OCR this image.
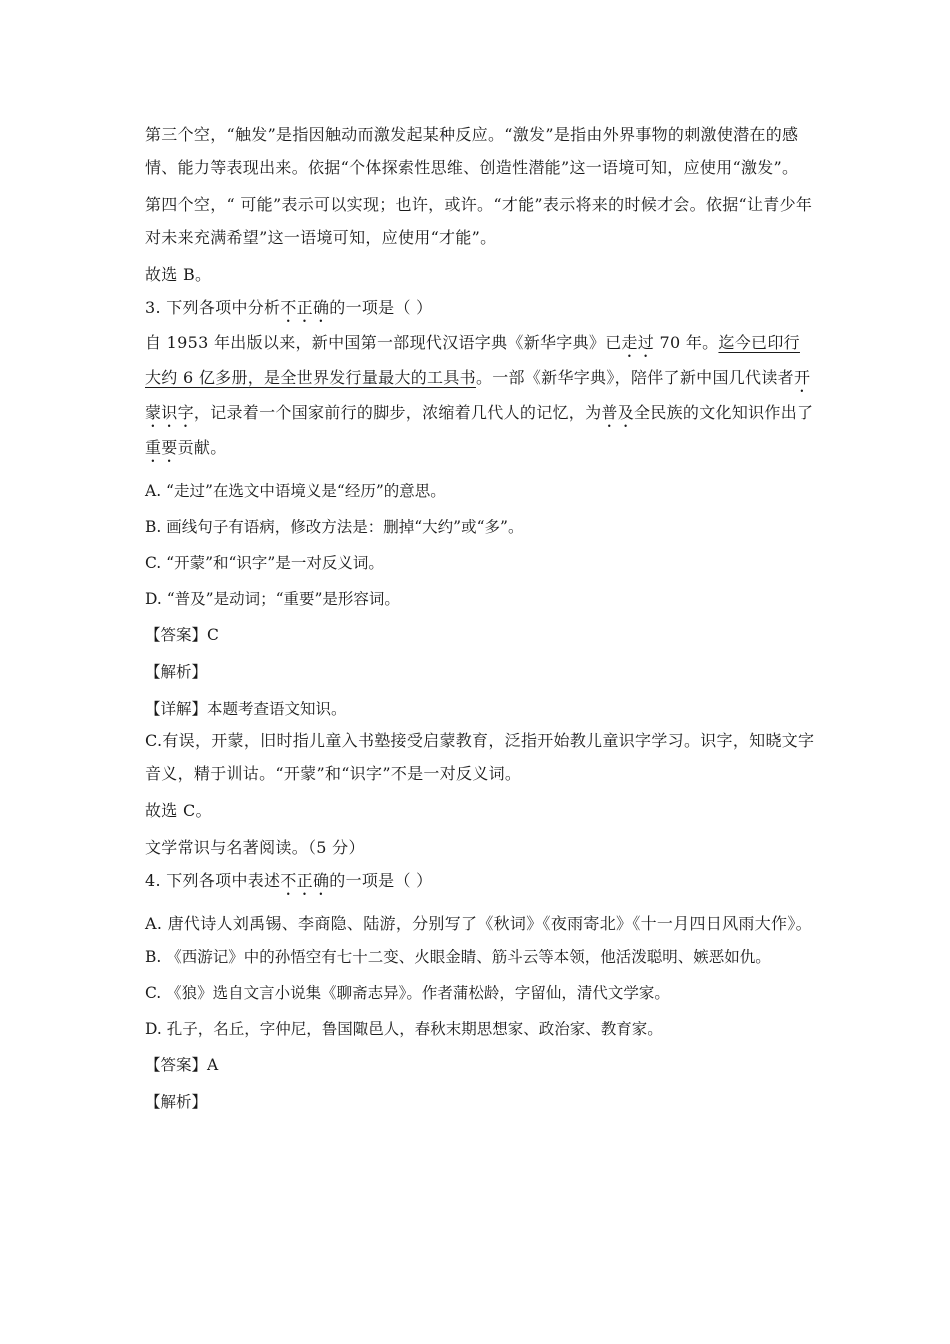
第三个空，“触发”是指因触动而激发起某种反应。“激发”是指由外界事物的刺激使潜在的感情、能力等表现出来。依据“个体探索性思维、创造性潜能”这一语境可知，应使用“激发”。

第四个空，“ 可能”表示可以实现；也许，或许。“才能”表示将来的时候才会。依据“让青少年对未来充满希望”这一语境可知，应使用“才能”。

故选 B。

3. 下列各项中分析不正确的一项是（ ）

自 1953 年出版以来，新中国第一部现代汉语字典《新华字典》已走过 70 年。迄今已印行大约 6 亿多册，是全世界发行量最大的工具书。一部《新华字典》，陪伴了新中国几代读者开蒙识字，记录着一个国家前行的脚步，浓缩着几代人的记忆，为普及全民族的文化知识作出了重要贡献。

A. “走过”在选文中语境义是“经历”的意思。

B. 画线句子有语病，修改方法是：删掉“大约”或“多”。

C. “开蒙”和“识字”是一对反义词。

D. “普及”是动词；“重要”是形容词。

【答案】C

【解析】

【详解】本题考查语文知识。

C.有误，开蒙，旧时指儿童入书塾接受启蒙教育，泛指开始教儿童识字学习。识字，知晓文字音义，精于训诂。“开蒙”和“识字”不是一对反义词。

故选 C。

文学常识与名著阅读。（5 分）

4. 下列各项中表述不正确的一项是（ ）

A. 唐代诗人刘禹锡、李商隐、陆游，分别写了《秋词》《夜雨寄北》《十一月四日风雨大作》。

B. 《西游记》中的孙悟空有七十二变、火眼金睛、筋斗云等本领，他活泼聪明、嫉恶如仇。

C. 《狼》选自文言小说集《聊斋志异》。作者蒲松龄，字留仙，清代文学家。

D. 孔子，名丘，字仲尼，鲁国陬邑人，春秋末期思想家、政治家、教育家。

【答案】A

【解析】
